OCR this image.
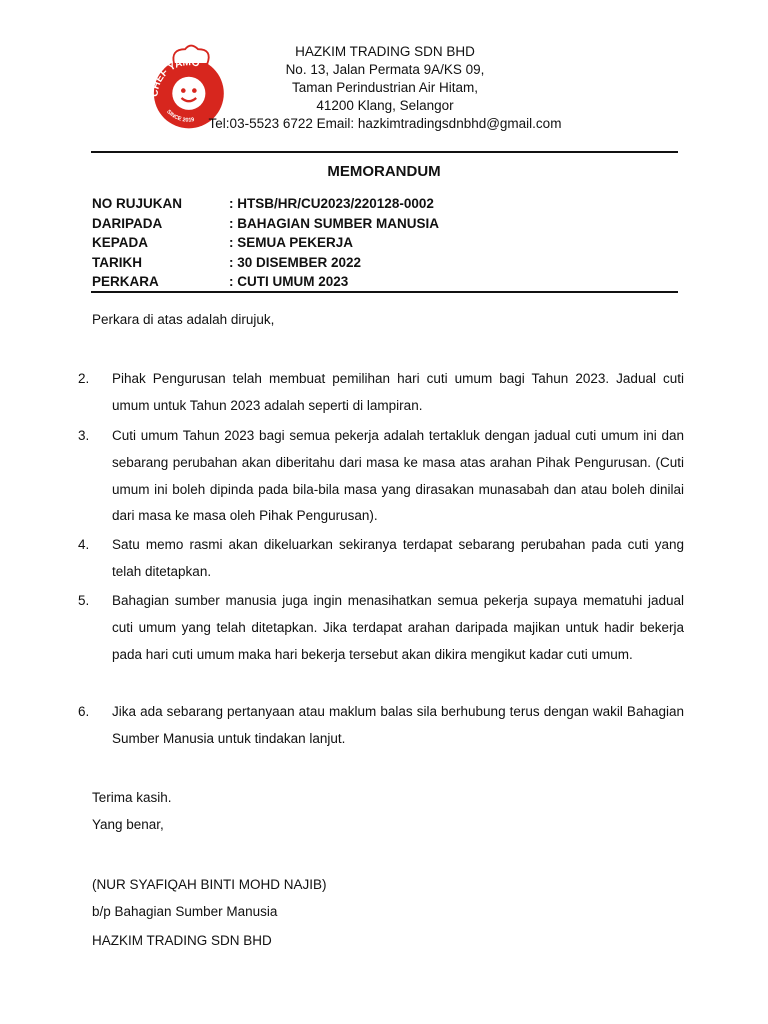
CHEF YAMO
SINCE 2019
HAZKIM TRADING SDN BHD
No. 13, Jalan Permata 9A/KS 09,
Taman Perindustrian Air Hitam,
41200 Klang, Selangor
Tel:03-5523 6722 Email: hazkimtradingsdnbhd@gmail.com
MEMORANDUM
NO RUJUKAN	: HTSB/HR/CU2023/220128-0002
DARIPADA	: BAHAGIAN SUMBER MANUSIA
KEPADA	: SEMUA PEKERJA
TARIKH	: 30 DISEMBER 2022
PERKARA	: CUTI UMUM 2023
Perkara di atas adalah dirujuk,
2. Pihak Pengurusan telah membuat pemilihan hari cuti umum bagi Tahun 2023. Jadual cuti umum untuk Tahun 2023 adalah seperti di lampiran.
3. Cuti umum Tahun 2023 bagi semua pekerja adalah tertakluk dengan jadual cuti umum ini dan sebarang perubahan akan diberitahu dari masa ke masa atas arahan Pihak Pengurusan. (Cuti umum ini boleh dipinda pada bila-bila masa yang dirasakan munasabah dan atau boleh dinilai dari masa ke masa oleh Pihak Pengurusan).
4. Satu memo rasmi akan dikeluarkan sekiranya terdapat sebarang perubahan pada cuti yang telah ditetapkan.
5. Bahagian sumber manusia juga ingin menasihatkan semua pekerja supaya mematuhi jadual cuti umum yang telah ditetapkan. Jika terdapat arahan daripada majikan untuk hadir bekerja pada hari cuti umum maka hari bekerja tersebut akan dikira mengikut kadar cuti umum.
6. Jika ada sebarang pertanyaan atau maklum balas sila berhubung terus dengan wakil Bahagian Sumber Manusia untuk tindakan lanjut.
Terima kasih.
Yang benar,
(NUR SYAFIQAH BINTI MOHD NAJIB)
b/p Bahagian Sumber Manusia
HAZKIM TRADING SDN BHD
